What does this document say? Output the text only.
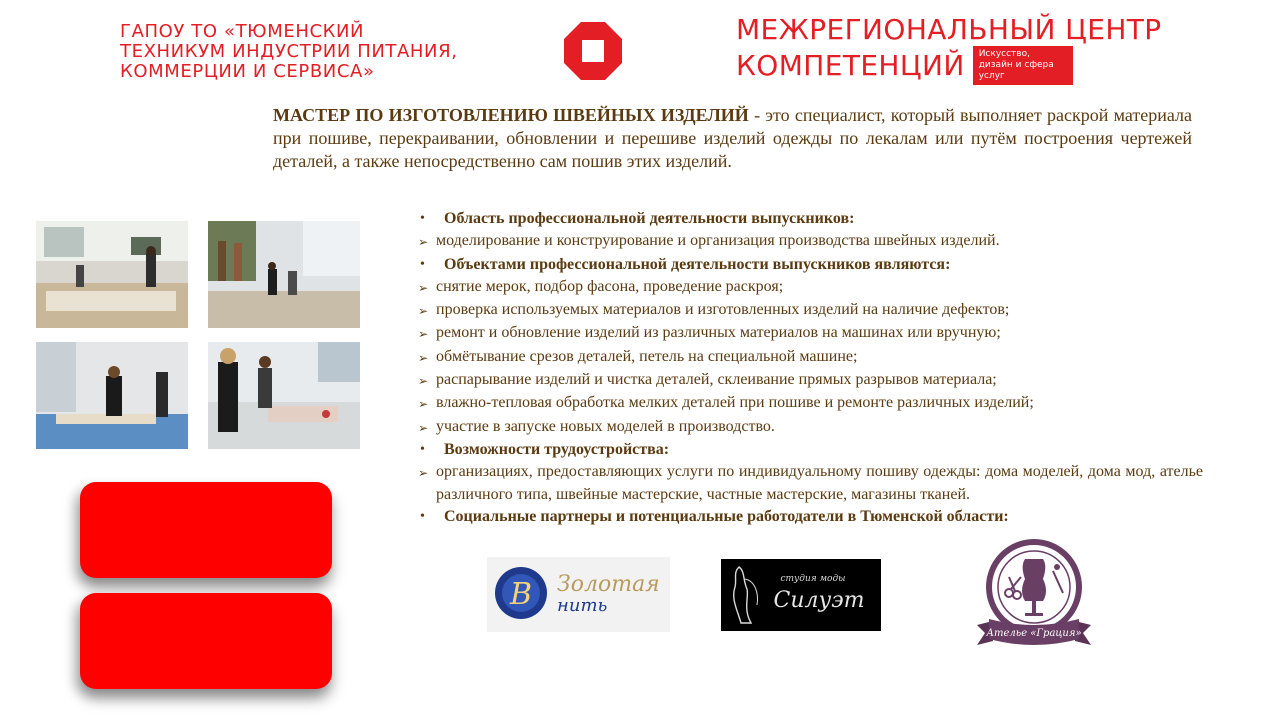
ГАПОУ ТО «ТЮМЕНСКИЙ
ТЕХНИКУМ ИНДУСТРИИ ПИТАНИЯ,
КОММЕРЦИИ И СЕРВИСА»
МЕЖРЕГИОНАЛЬНЫЙ ЦЕНТР
КОМПЕТЕНЦИЙ	Искусство, дизайн и сфера услуг
МАСТЕР ПО ИЗГОТОВЛЕНИЮ ШВЕЙНЫХ ИЗДЕЛИЙ - это специалист, который выполняет раскрой материала при пошиве, перекраивании, обновлении и перешиве изделий одежды по лекалам или путём построения чертежей деталей, а также непосредственно сам пошив этих изделий.
•	Область профессиональной деятельности выпускников:
➢ моделирование и конструирование и организация производства швейных изделий.
•	Объектами профессиональной деятельности выпускников являются:
➢ снятие мерок, подбор фасона, проведение раскроя;
➢ проверка используемых материалов и изготовленных изделий на наличие дефектов;
➢ ремонт и обновление изделий из различных материалов на машинах или вручную;
➢ обмётывание срезов деталей, петель на специальной машине;
➢ распарывание изделий и чистка деталей, склеивание прямых разрывов материала;
➢ влажно-тепловая обработка мелких деталей при пошиве и ремонте различных изделий;
➢ участие в запуске новых моделей в производство.
•	Возможности трудоустройства:
➢ организациях, предоставляющих услуги по индивидуальному пошиву одежды: дома моделей, дома мод, ателье различного типа, швейные мастерские, частные мастерские, магазины тканей.
•	Социальные партнеры и потенциальные работодатели в Тюменской области:
B Золотая
нить
студия моды
Силуэт
Ателье «Грация»
